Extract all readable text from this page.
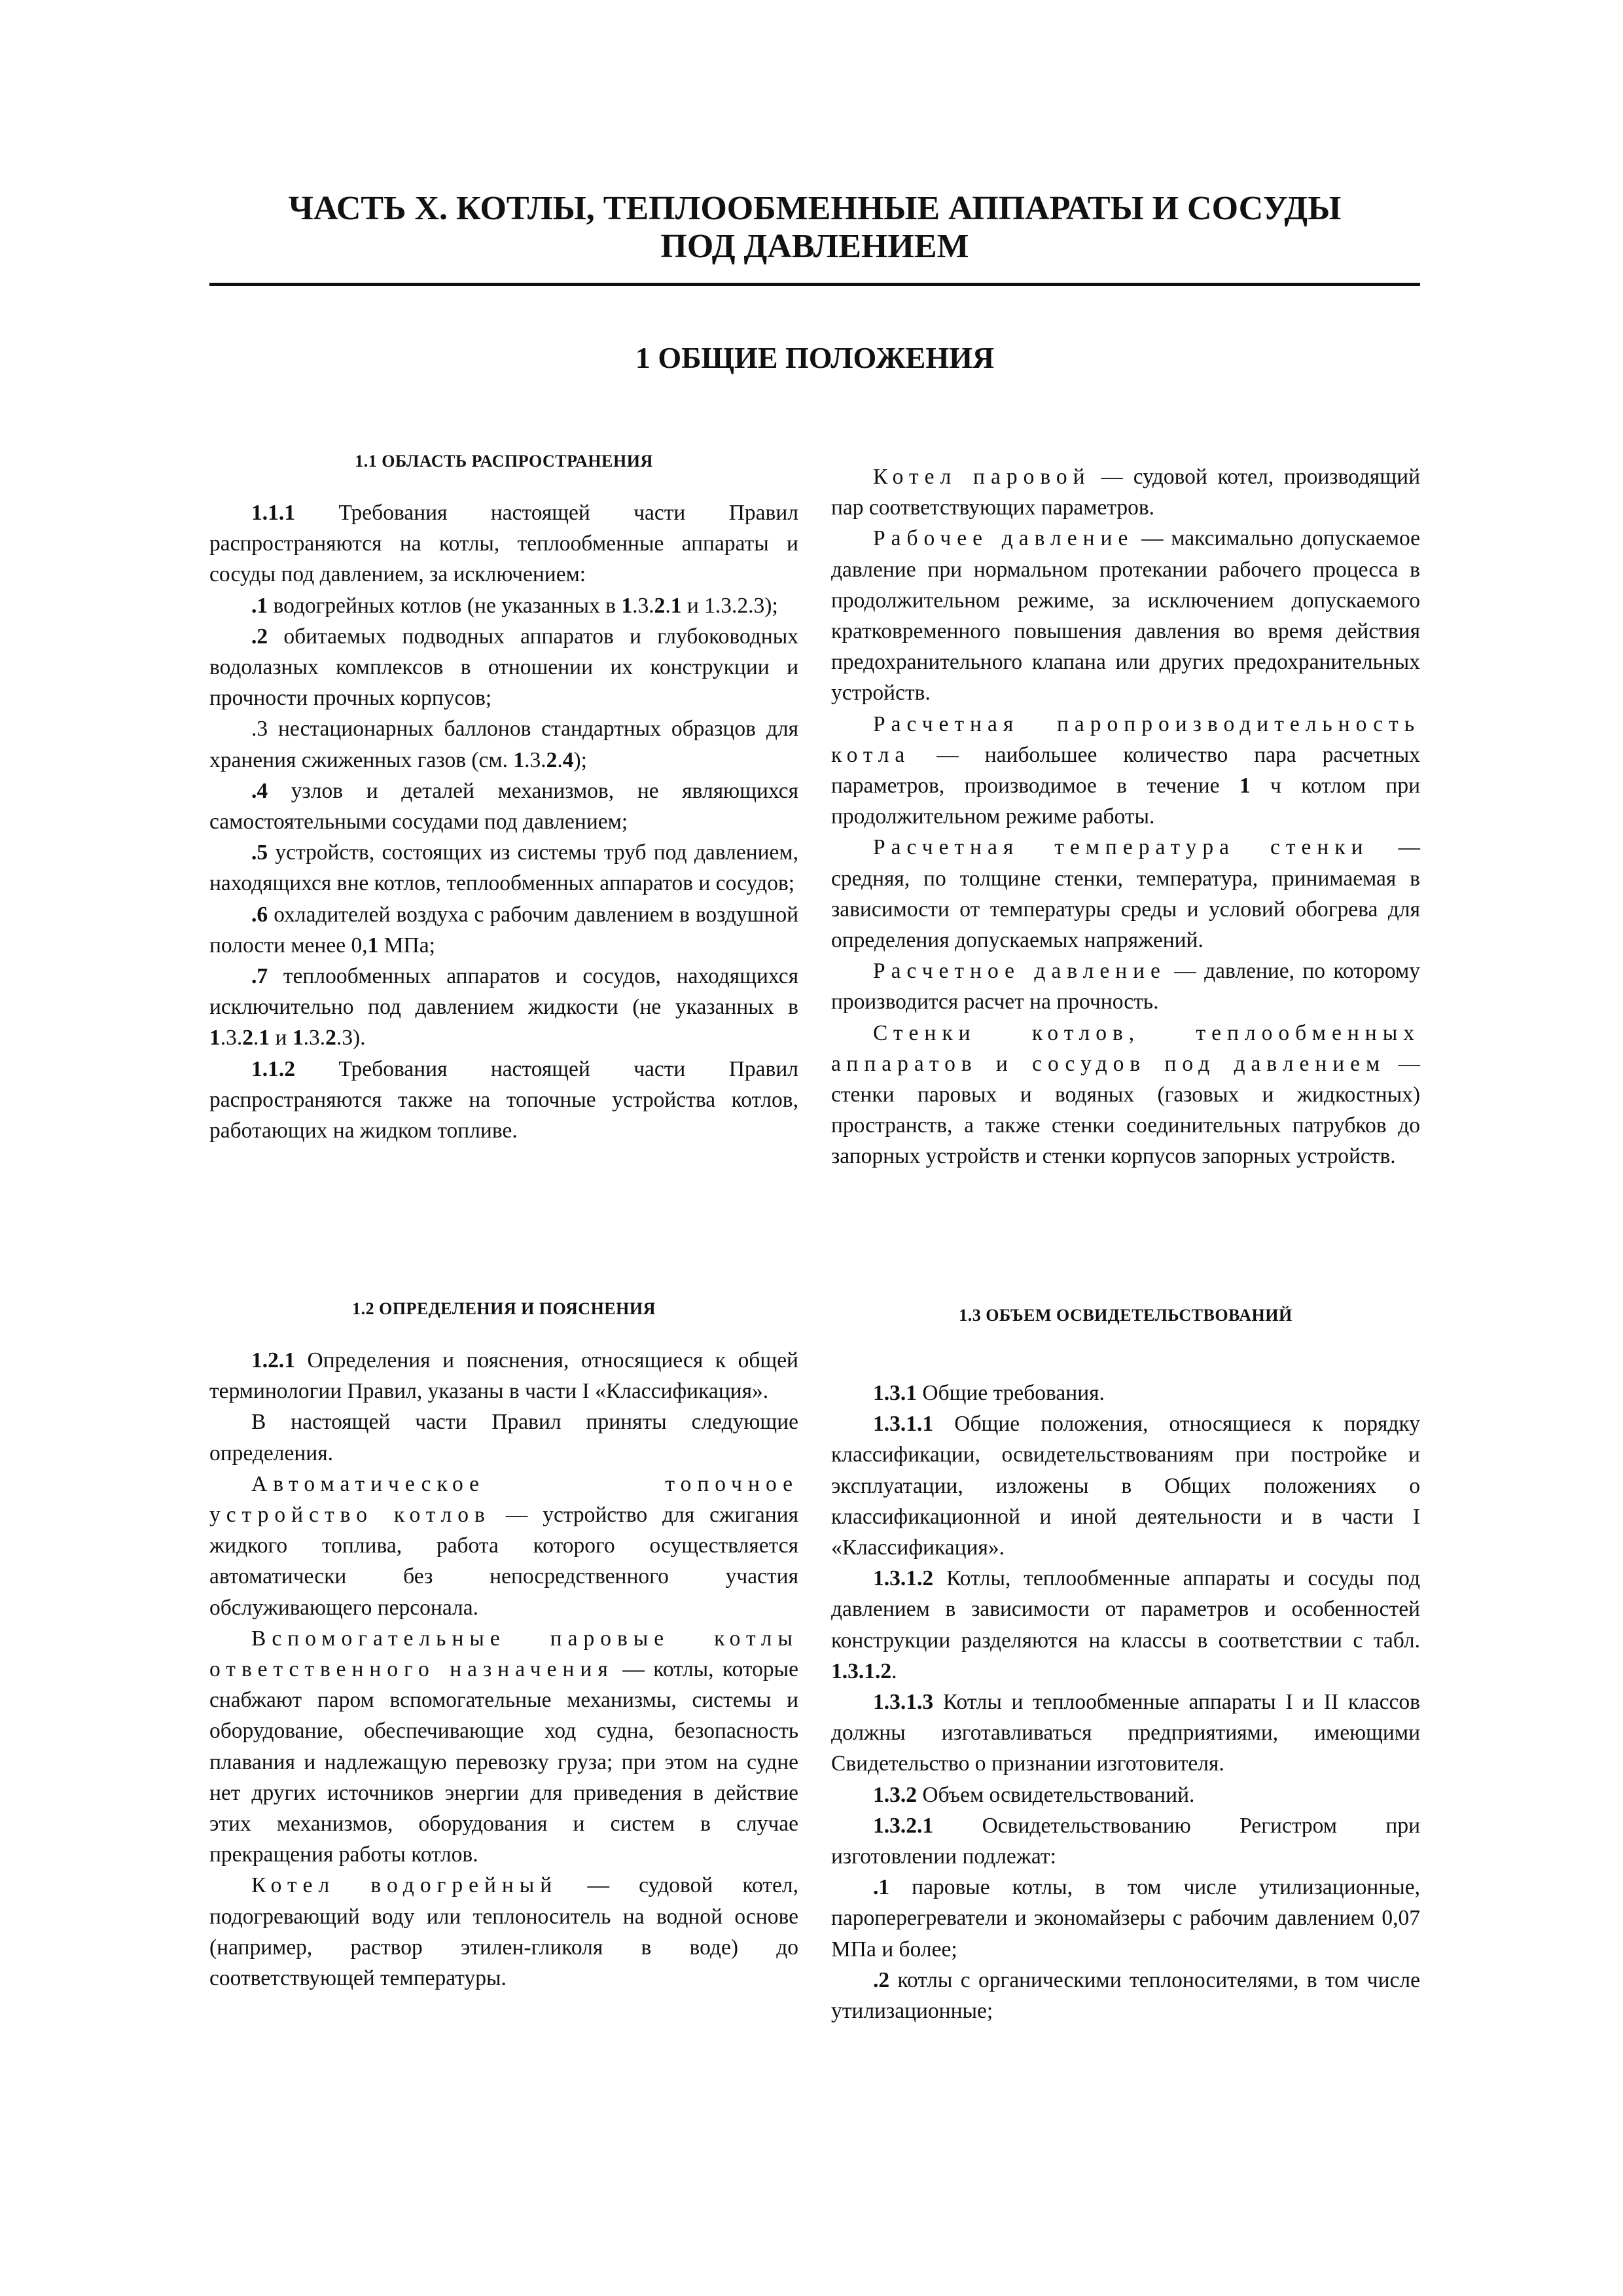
ЧАСТЬ X. КОТЛЫ, ТЕПЛООБМЕННЫЕ АППАРАТЫ И СОСУДЫ
ПОД ДАВЛЕНИЕМ
1 ОБЩИЕ ПОЛОЖЕНИЯ

1.1 ОБЛАСТЬ РАСПРОСТРАНЕНИЯ

1.1.1 Требования настоящей части Правил распространяются на котлы, теплообменные аппараты и сосуды под давлением, за исключением:

.1 водогрейных котлов (не указанных в 1.3.2.1 и 1.3.2.3);

.2 обитаемых подводных аппаратов и глубоководных водолазных комплексов в отношении их конструкции и прочности прочных корпусов;

.3 нестационарных баллонов стандартных образцов для хранения сжиженных газов (см. 1.3.2.4);

.4 узлов и деталей механизмов, не являющихся самостоятельными сосудами под давлением;

.5 устройств, состоящих из системы труб под давлением, находящихся вне котлов, теплообменных аппаратов и сосудов;

.6 охладителей воздуха с рабочим давлением в воздушной полости менее 0,1 МПа;

.7 теплообменных аппаратов и сосудов, находящихся исключительно под давлением жидкости (не указанных в 1.3.2.1 и 1.3.2.3).

1.1.2 Требования настоящей части Правил распространяются также на топочные устройства котлов, работающих на жидком топливе.

Котел паровой — судовой котел, производящий пар соответствующих параметров.

Рабочее давление — максимально допускаемое давление при нормальном протекании рабочего процесса в продолжительном режиме, за исключением допускаемого кратковременного повышения давления во время действия предохранительного клапана или других предохранительных устройств.

Расчетная паропроизводительность котла — наибольшее количество пара расчетных параметров, производимое в течение 1 ч котлом при продолжительном режиме работы.

Расчетная температура стенки — средняя, по толщине стенки, температура, принимаемая в зависимости от температуры среды и условий обогрева для определения допускаемых напряжений.

Расчетное давление — давление, по которому производится расчет на прочность.

Стенки котлов, теплообменных аппаратов и сосудов под давлением — стенки паровых и водяных (газовых и жидкостных) пространств, а также стенки соединительных патрубков до запорных устройств и стенки корпусов запорных устройств.

1.2 ОПРЕДЕЛЕНИЯ И ПОЯСНЕНИЯ

1.2.1 Определения и пояснения, относящиеся к общей терминологии Правил, указаны в части I «Классификация».

В настоящей части Правил приняты следующие определения.

Автоматическое топочное устройство котлов — устройство для сжигания жидкого топлива, работа которого осуществляется автоматически без непосредственного участия обслуживающего персонала.

Вспомогательные паровые котлы ответственного назначения — котлы, которые снабжают паром вспомогательные механизмы, системы и оборудование, обеспечивающие ход судна, безопасность плавания и надлежащую перевозку груза; при этом на судне нет других источников энергии для приведения в действие этих механизмов, оборудования и систем в случае прекращения работы котлов.

Котел водогрейный — судовой котел, подогревающий воду или теплоноситель на водной основе (например, раствор этилен-гликоля в воде) до соответствующей температуры.

1.3 ОБЪЕМ ОСВИДЕТЕЛЬСТВОВАНИЙ

1.3.1 Общие требования.

1.3.1.1 Общие положения, относящиеся к порядку классификации, освидетельствованиям при постройке и эксплуатации, изложены в Общих положениях о классификационной и иной деятельности и в части I «Классификация».

1.3.1.2 Котлы, теплообменные аппараты и сосуды под давлением в зависимости от параметров и особенностей конструкции разделяются на классы в соответствии с табл. 1.3.1.2.

1.3.1.3 Котлы и теплообменные аппараты I и II классов должны изготавливаться предприятиями, имеющими Свидетельство о признании изготовителя.

1.3.2 Объем освидетельствований.

1.3.2.1 Освидетельствованию Регистром при изготовлении подлежат:

.1 паровые котлы, в том числе утилизационные, пароперегреватели и экономайзеры с рабочим давлением 0,07 МПа и более;

.2 котлы с органическими теплоносителями, в том числе утилизационные;
